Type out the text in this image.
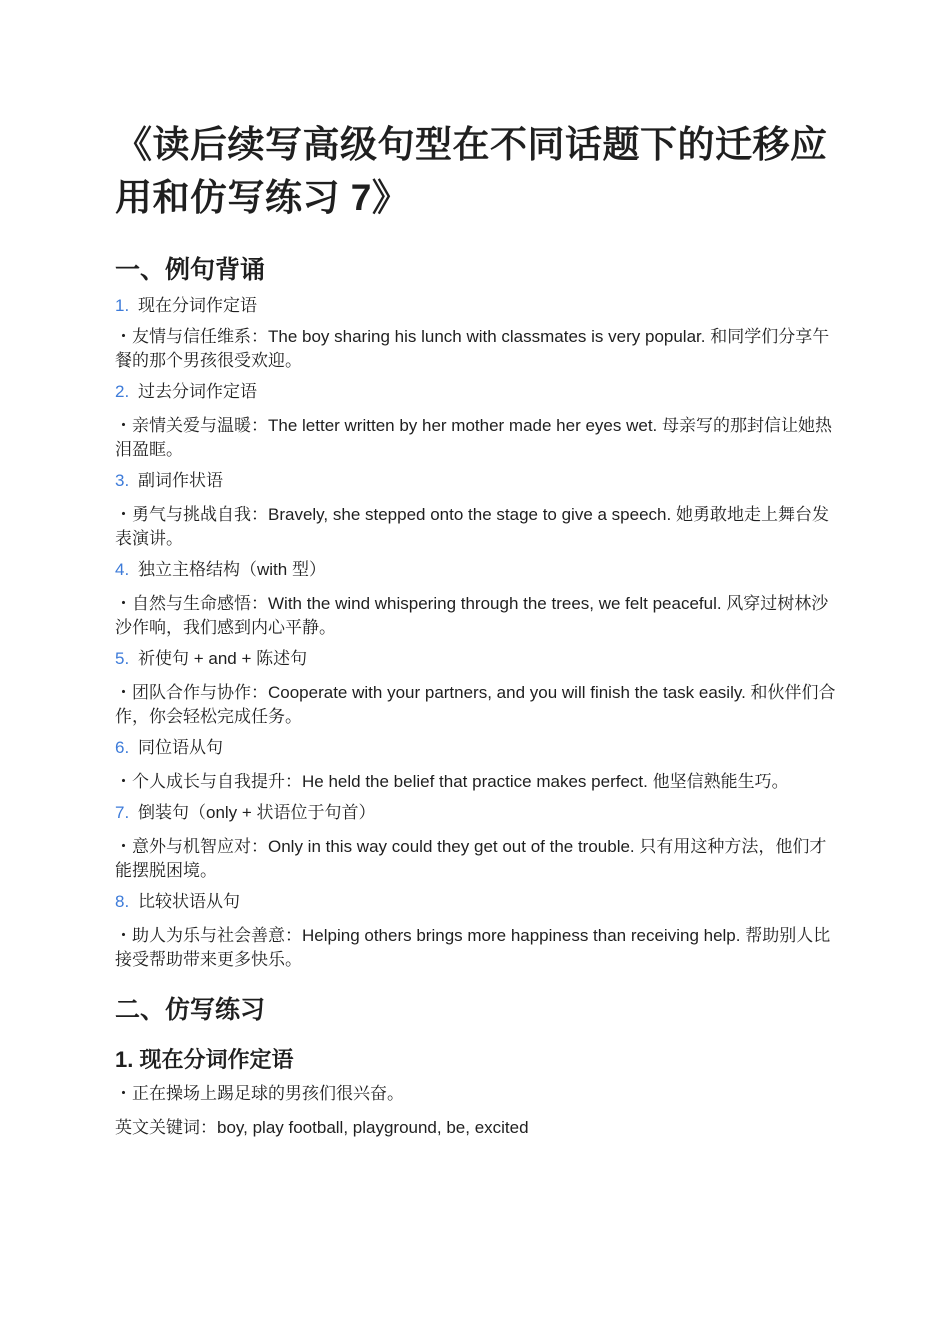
《读后续写高级句型在不同话题下的迁移应用和仿写练习 7》
一、例句背诵
1. 现在分词作定语
・友情与信任维系：The boy sharing his lunch with classmates is very popular. 和同学们分享午餐的那个男孩很受欢迎。
2. 过去分词作定语
・亲情关爱与温暖：The letter written by her mother made her eyes wet. 母亲写的那封信让她热泪盈眶。
3. 副词作状语
・勇气与挑战自我：Bravely, she stepped onto the stage to give a speech. 她勇敢地走上舞台发表演讲。
4. 独立主格结构（with 型）
・自然与生命感悟：With the wind whispering through the trees, we felt peaceful. 风穿过树林沙沙作响，我们感到内心平静。
5. 祈使句 + and + 陈述句
・团队合作与协作：Cooperate with your partners, and you will finish the task easily. 和伙伴们合作，你会轻松完成任务。
6. 同位语从句
・个人成长与自我提升：He held the belief that practice makes perfect. 他坚信熟能生巧。
7. 倒装句（only + 状语位于句首）
・意外与机智应对：Only in this way could they get out of the trouble. 只有用这种方法，他们才能摆脱困境。
8. 比较状语从句
・助人为乐与社会善意：Helping others brings more happiness than receiving help. 帮助别人比接受帮助带来更多快乐。
二、仿写练习
1. 现在分词作定语
・正在操场上踢足球的男孩们很兴奋。
英文关键词：boy, play football, playground, be, excited
